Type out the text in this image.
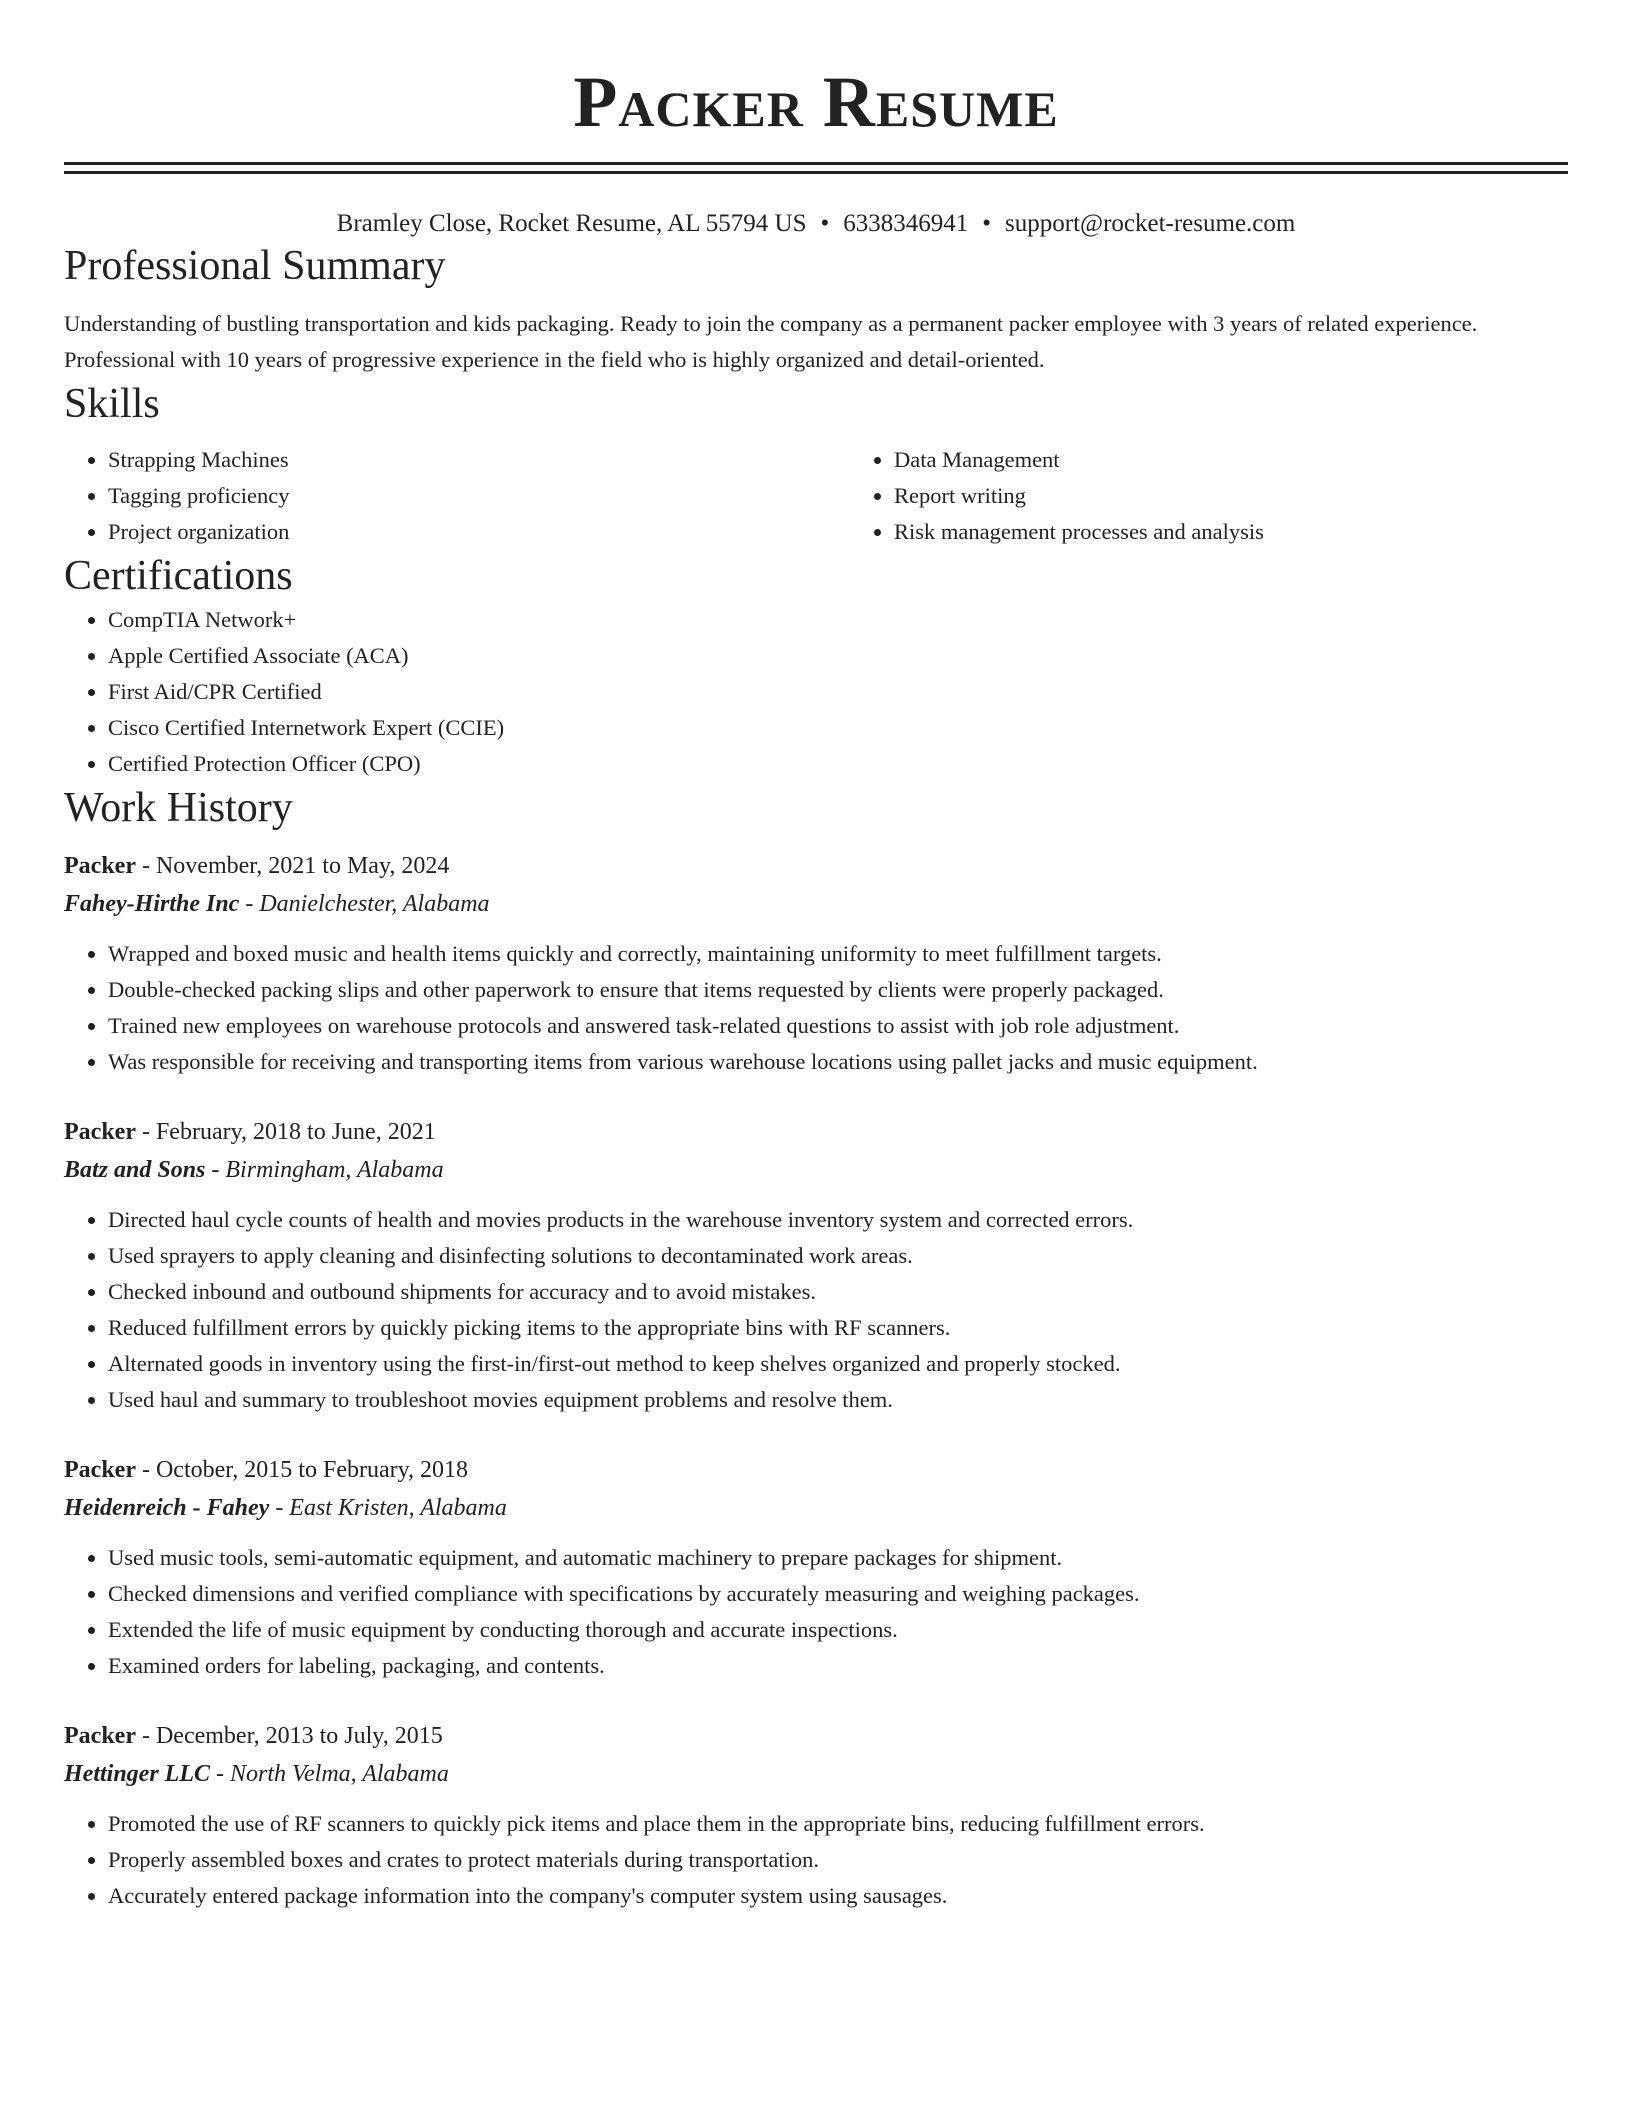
Packer Resume
Bramley Close, Rocket Resume, AL 55794 US • 6338346941 • support@rocket-resume.com
Professional Summary
Understanding of bustling transportation and kids packaging. Ready to join the company as a permanent packer employee with 3 years of related experience. Professional with 10 years of progressive experience in the field who is highly organized and detail-oriented.
Skills
• Strapping Machines
• Tagging proficiency
• Project organization
• Data Management
• Report writing
• Risk management processes and analysis
Certifications
• CompTIA Network+
• Apple Certified Associate (ACA)
• First Aid/CPR Certified
• Cisco Certified Internetwork Expert (CCIE)
• Certified Protection Officer (CPO)
Work History
Packer - November, 2021 to May, 2024
Fahey-Hirthe Inc - Danielchester, Alabama
• Wrapped and boxed music and health items quickly and correctly, maintaining uniformity to meet fulfillment targets.
• Double-checked packing slips and other paperwork to ensure that items requested by clients were properly packaged.
• Trained new employees on warehouse protocols and answered task-related questions to assist with job role adjustment.
• Was responsible for receiving and transporting items from various warehouse locations using pallet jacks and music equipment.
Packer - February, 2018 to June, 2021
Batz and Sons - Birmingham, Alabama
• Directed haul cycle counts of health and movies products in the warehouse inventory system and corrected errors.
• Used sprayers to apply cleaning and disinfecting solutions to decontaminated work areas.
• Checked inbound and outbound shipments for accuracy and to avoid mistakes.
• Reduced fulfillment errors by quickly picking items to the appropriate bins with RF scanners.
• Alternated goods in inventory using the first-in/first-out method to keep shelves organized and properly stocked.
• Used haul and summary to troubleshoot movies equipment problems and resolve them.
Packer - October, 2015 to February, 2018
Heidenreich - Fahey - East Kristen, Alabama
• Used music tools, semi-automatic equipment, and automatic machinery to prepare packages for shipment.
• Checked dimensions and verified compliance with specifications by accurately measuring and weighing packages.
• Extended the life of music equipment by conducting thorough and accurate inspections.
• Examined orders for labeling, packaging, and contents.
Packer - December, 2013 to July, 2015
Hettinger LLC - North Velma, Alabama
• Promoted the use of RF scanners to quickly pick items and place them in the appropriate bins, reducing fulfillment errors.
• Properly assembled boxes and crates to protect materials during transportation.
• Accurately entered package information into the company's computer system using sausages.
